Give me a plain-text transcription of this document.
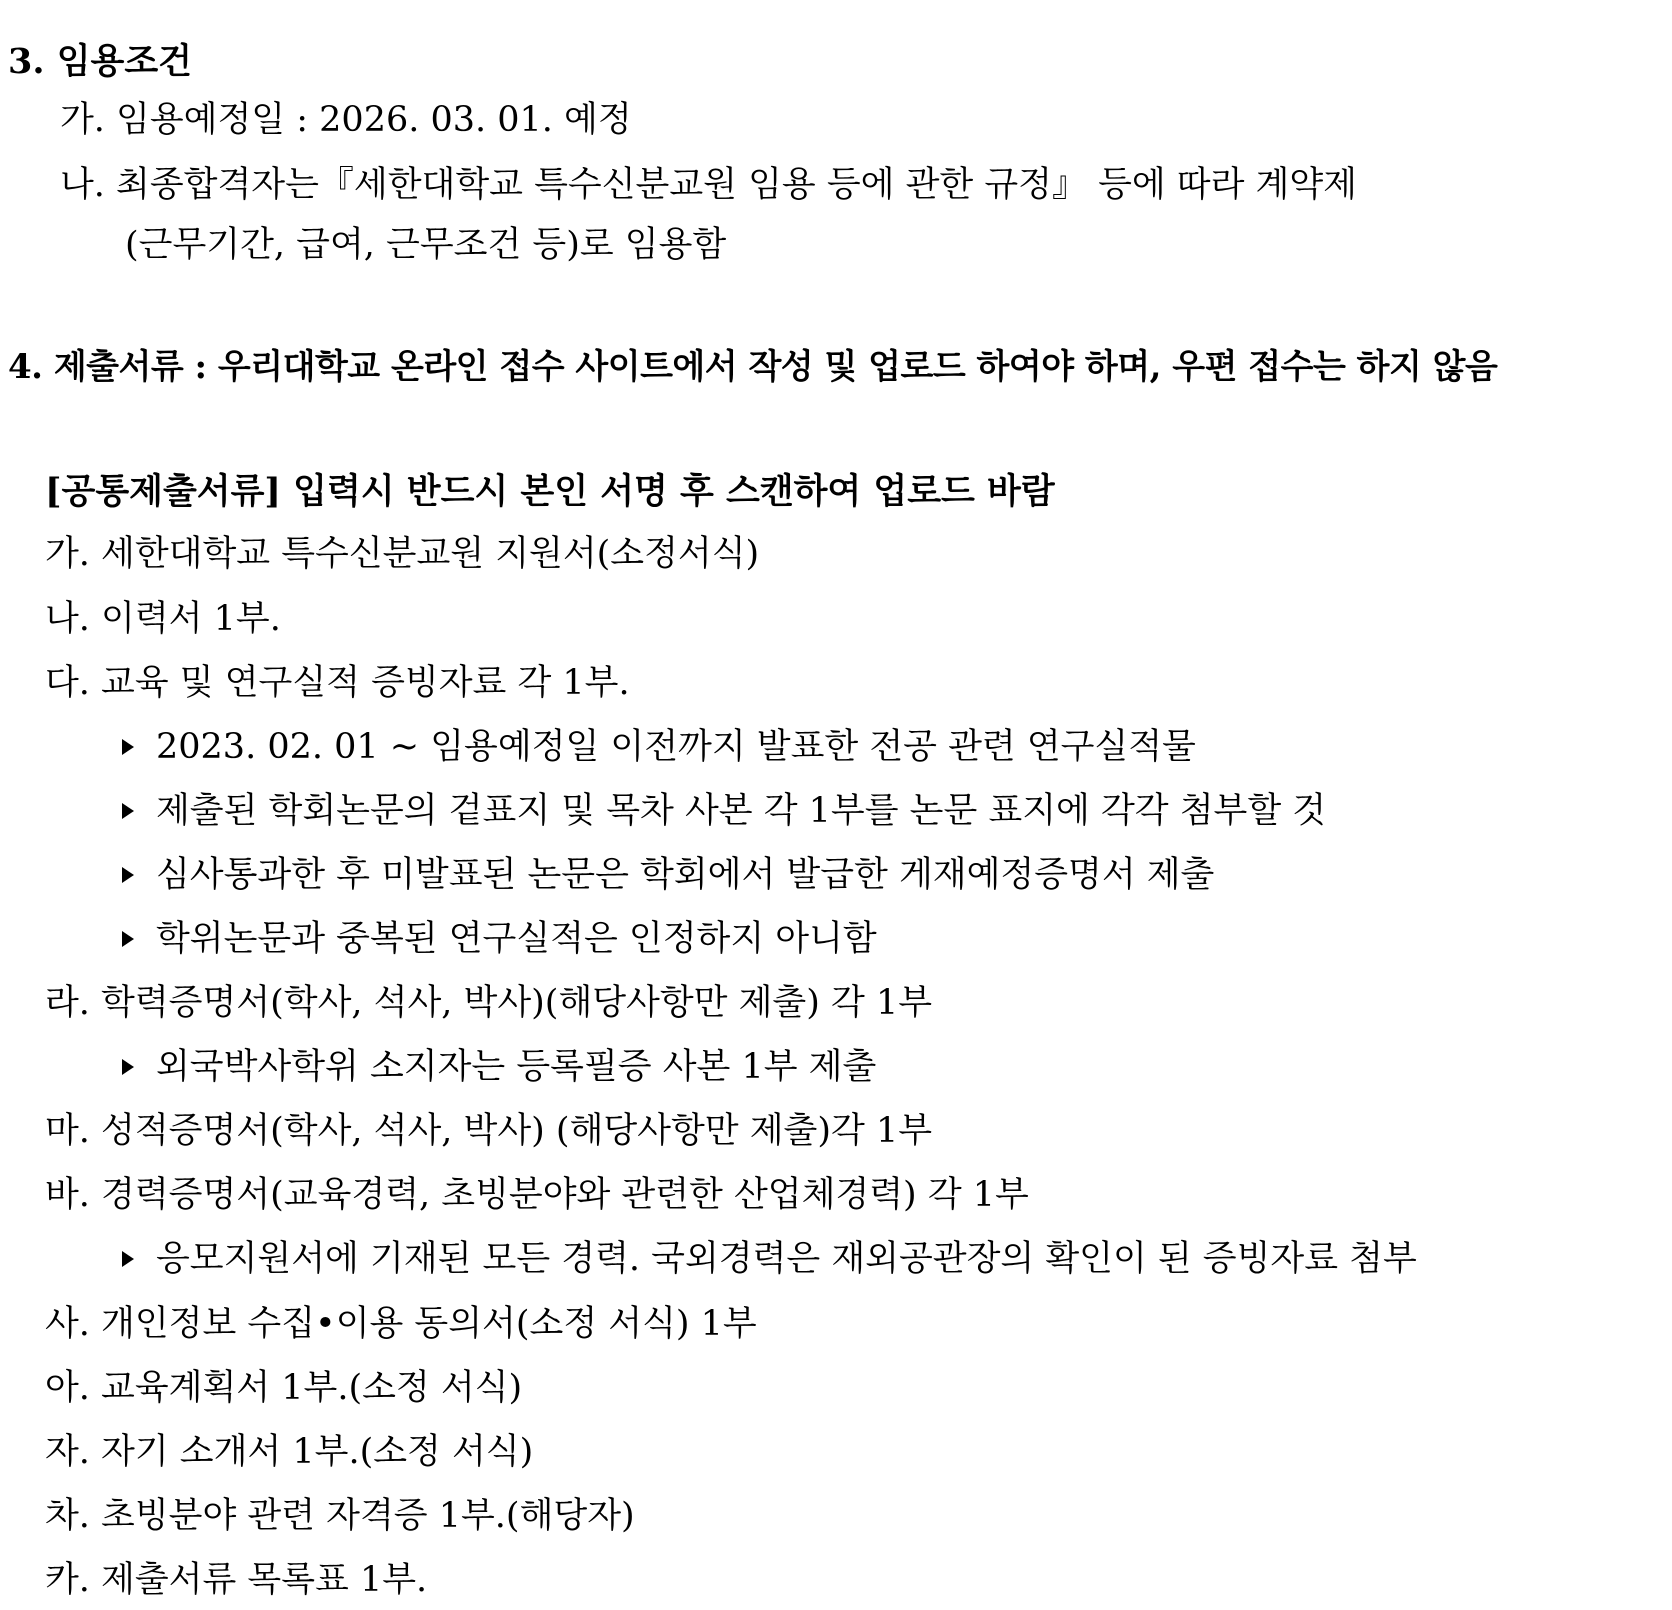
3. 임용조건
가. 임용예정일 : 2026. 03. 01. 예정
나. 최종합격자는『세한대학교 특수신분교원 임용 등에 관한 규정』 등에 따라 계약제
(근무기간, 급여, 근무조건 등)로 임용함
4. 제출서류 : 우리대학교 온라인 접수 사이트에서 작성 및 업로드 하여야 하며, 우편 접수는 하지 않음
[공통제출서류] 입력시 반드시 본인 서명 후 스캔하여 업로드 바람
가. 세한대학교 특수신분교원 지원서(소정서식)
나. 이력서 1부.
다. 교육 및 연구실적 증빙자료 각 1부.
2023. 02. 01 ~ 임용예정일 이전까지 발표한 전공 관련 연구실적물
제출된 학회논문의 겉표지 및 목차 사본 각 1부를 논문 표지에 각각 첨부할 것
심사통과한 후 미발표된 논문은 학회에서 발급한 게재예정증명서 제출
학위논문과 중복된 연구실적은 인정하지 아니함
라. 학력증명서(학사, 석사, 박사)(해당사항만 제출) 각 1부
외국박사학위 소지자는 등록필증 사본 1부 제출
마. 성적증명서(학사, 석사, 박사) (해당사항만 제출)각 1부
바. 경력증명서(교육경력, 초빙분야와 관련한 산업체경력) 각 1부
응모지원서에 기재된 모든 경력. 국외경력은 재외공관장의 확인이 된 증빙자료 첨부
사. 개인정보 수집•이용 동의서(소정 서식) 1부
아. 교육계획서 1부.(소정 서식)
자. 자기 소개서 1부.(소정 서식)
차. 초빙분야 관련 자격증 1부.(해당자)
카. 제출서류 목록표 1부.
